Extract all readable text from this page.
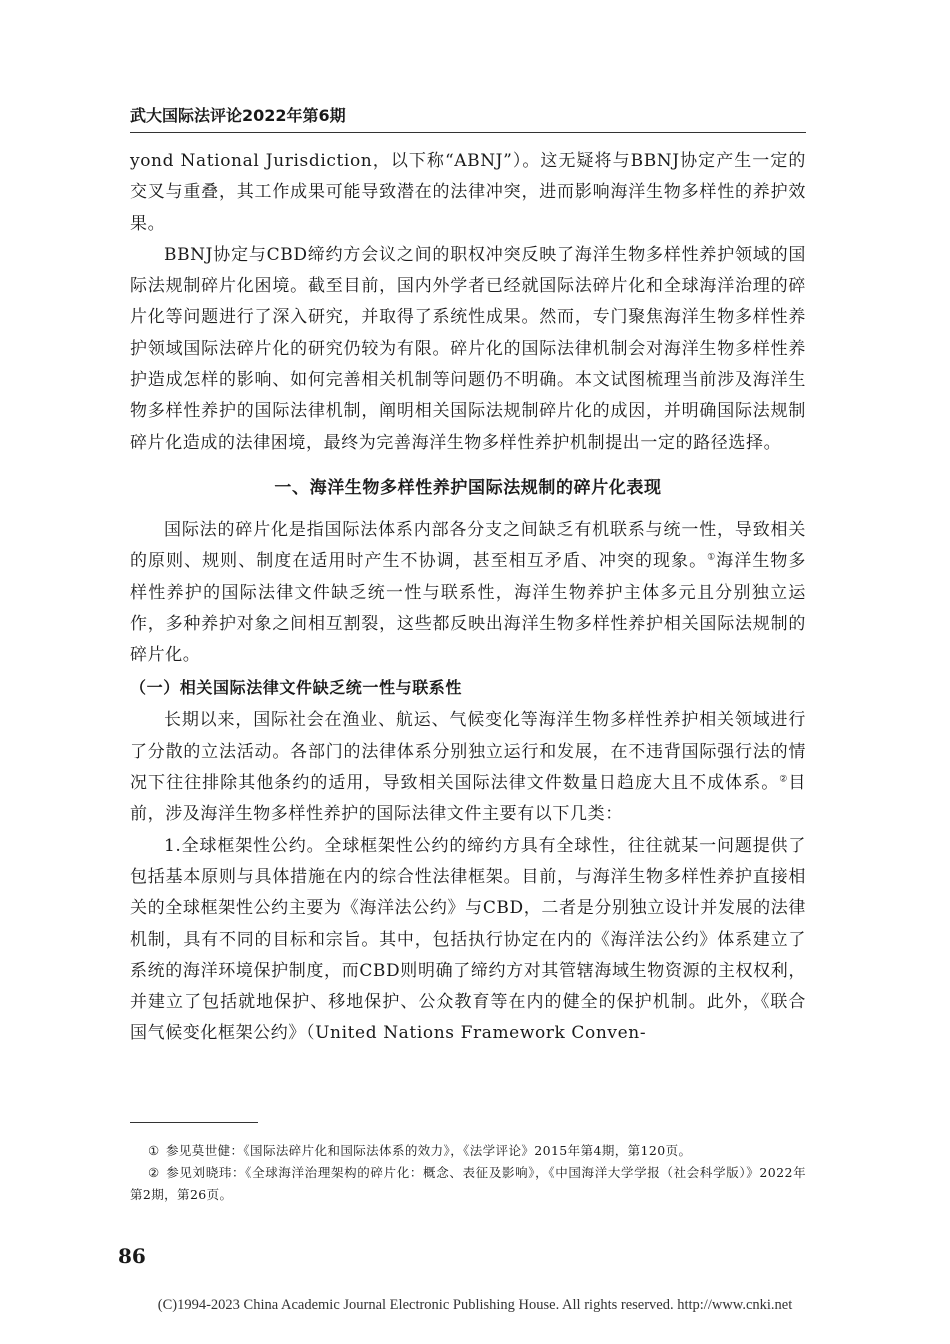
武大国际法评论2022年第6期

yond National Jurisdiction，以下称“ABNJ”）。这无疑将与BBNJ协定产生一定的交叉与重叠，其工作成果可能导致潜在的法律冲突，进而影响海洋生物多样性的养护效果。

BBNJ协定与CBD缔约方会议之间的职权冲突反映了海洋生物多样性养护领域的国际法规制碎片化困境。截至目前，国内外学者已经就国际法碎片化和全球海洋治理的碎片化等问题进行了深入研究，并取得了系统性成果。然而，专门聚焦海洋生物多样性养护领域国际法碎片化的研究仍较为有限。碎片化的国际法律机制会对海洋生物多样性养护造成怎样的影响、如何完善相关机制等问题仍不明确。本文试图梳理当前涉及海洋生物多样性养护的国际法律机制，阐明相关国际法规制碎片化的成因，并明确国际法规制碎片化造成的法律困境，最终为完善海洋生物多样性养护机制提出一定的路径选择。

一、海洋生物多样性养护国际法规制的碎片化表现

国际法的碎片化是指国际法体系内部各分支之间缺乏有机联系与统一性，导致相关的原则、规则、制度在适用时产生不协调，甚至相互矛盾、冲突的现象。①海洋生物多样性养护的国际法律文件缺乏统一性与联系性，海洋生物养护主体多元且分别独立运作，多种养护对象之间相互割裂，这些都反映出海洋生物多样性养护相关国际法规制的碎片化。

（一）相关国际法律文件缺乏统一性与联系性

长期以来，国际社会在渔业、航运、气候变化等海洋生物多样性养护相关领域进行了分散的立法活动。各部门的法律体系分别独立运行和发展，在不违背国际强行法的情况下往往排除其他条约的适用，导致相关国际法律文件数量日趋庞大且不成体系。②目前，涉及海洋生物多样性养护的国际法律文件主要有以下几类：

1.全球框架性公约。全球框架性公约的缔约方具有全球性，往往就某一问题提供了包括基本原则与具体措施在内的综合性法律框架。目前，与海洋生物多样性养护直接相关的全球框架性公约主要为《海洋法公约》与CBD，二者是分别独立设计并发展的法律机制，具有不同的目标和宗旨。其中，包括执行协定在内的《海洋法公约》体系建立了系统的海洋环境保护制度，而CBD则明确了缔约方对其管辖海域生物资源的主权权利，并建立了包括就地保护、移地保护、公众教育等在内的健全的保护机制。此外，《联合国气候变化框架公约》（United Nations Framework Conven-

① 参见莫世健：《国际法碎片化和国际法体系的效力》，《法学评论》2015年第4期，第120页。

② 参见刘晓玮：《全球海洋治理架构的碎片化：概念、表征及影响》，《中国海洋大学学报（社会科学版）》2022年第2期，第26页。

86
(C)1994-2023 China Academic Journal Electronic Publishing House. All rights reserved. http://www.cnki.net
